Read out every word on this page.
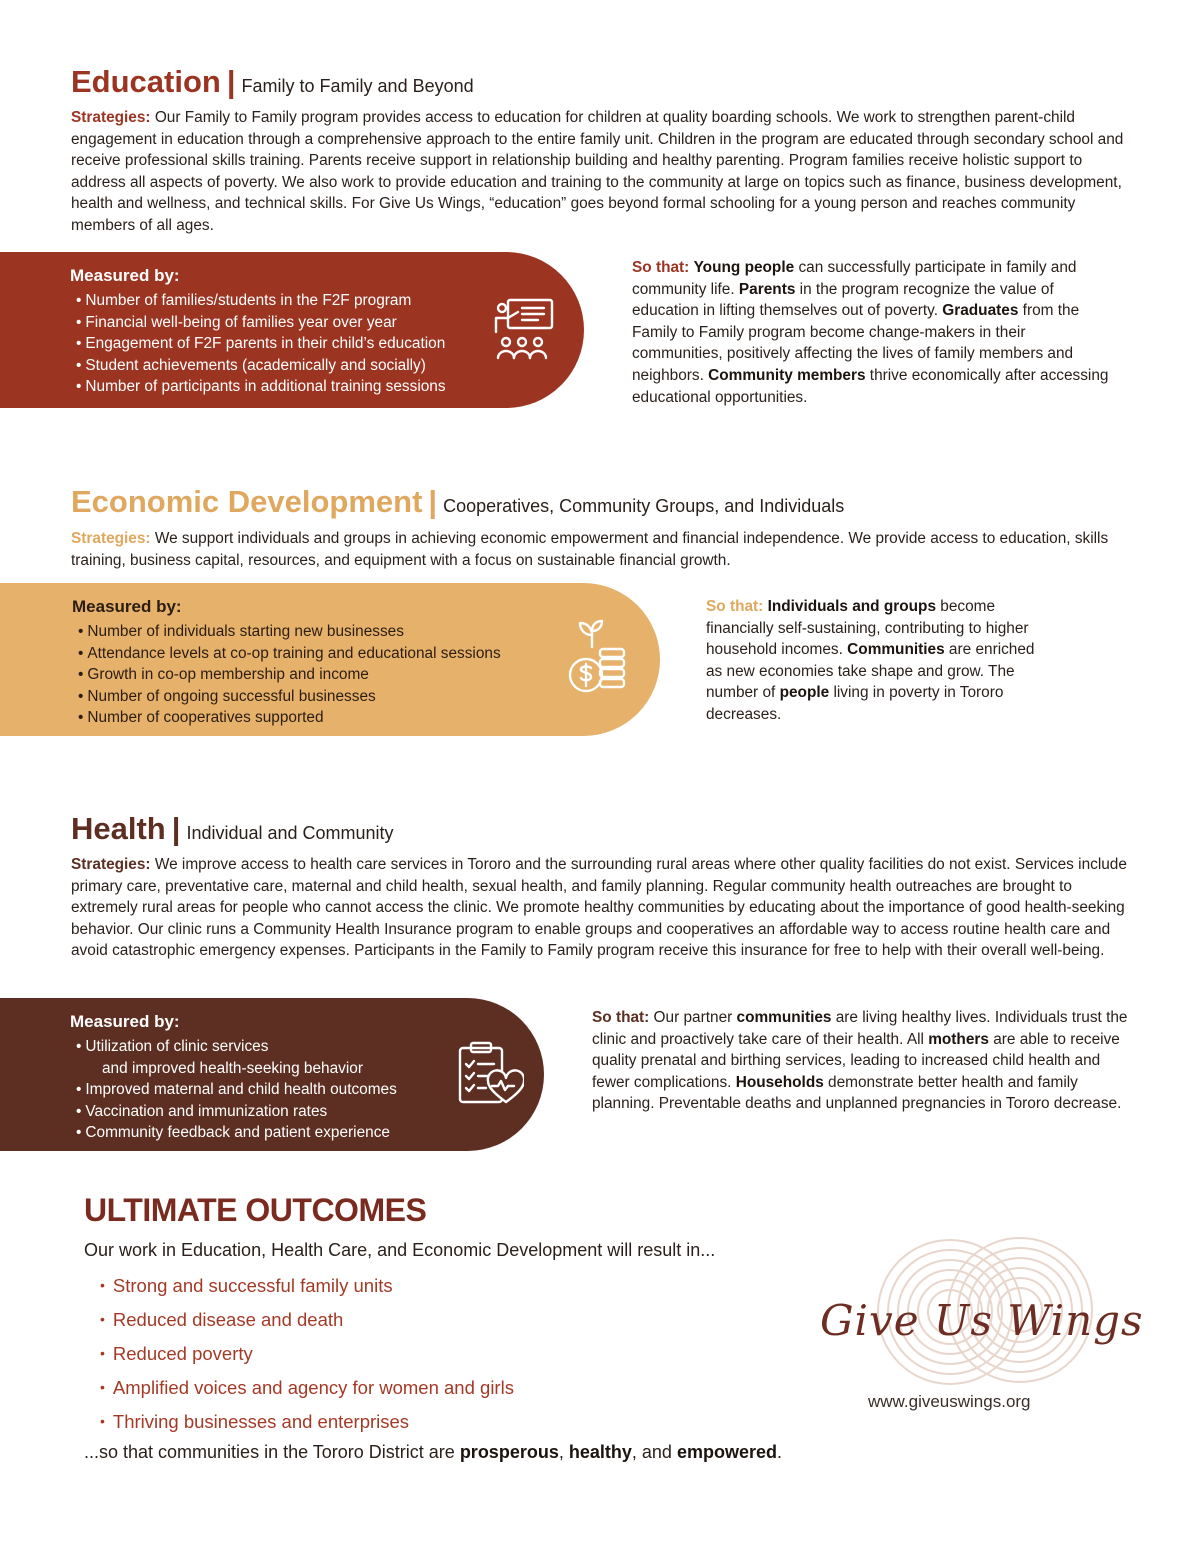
Education | Family to Family and Beyond
Strategies: Our Family to Family program provides access to education for children at quality boarding schools. We work to strengthen parent-child engagement in education through a comprehensive approach to the entire family unit. Children in the program are educated through secondary school and receive professional skills training. Parents receive support in relationship building and healthy parenting. Program families receive holistic support to address all aspects of poverty. We also work to provide education and training to the community at large on topics such as finance, business development, health and wellness, and technical skills. For Give Us Wings, “education” goes beyond formal schooling for a young person and reaches community members of all ages.
Measured by:
• Number of families/students in the F2F program
• Financial well-being of families year over year
• Engagement of F2F parents in their child’s education
• Student achievements (academically and socially)
• Number of participants in additional training sessions
So that: Young people can successfully participate in family and community life. Parents in the program recognize the value of education in lifting themselves out of poverty. Graduates from the Family to Family program become change-makers in their communities, positively affecting the lives of family members and neighbors. Community members thrive economically after accessing educational opportunities.
Economic Development | Cooperatives, Community Groups, and Individuals
Strategies: We support individuals and groups in achieving economic empowerment and financial independence. We provide access to education, skills training, business capital, resources, and equipment with a focus on sustainable financial growth.
Measured by:
• Number of individuals starting new businesses
• Attendance levels at co-op training and educational sessions
• Growth in co-op membership and income
• Number of ongoing successful businesses
• Number of cooperatives supported
So that: Individuals and groups become financially self-sustaining, contributing to higher household incomes. Communities are enriched as new economies take shape and grow. The number of people living in poverty in Tororo decreases.
Health | Individual and Community
Strategies: We improve access to health care services in Tororo and the surrounding rural areas where other quality facilities do not exist. Services include primary care, preventative care, maternal and child health, sexual health, and family planning. Regular community health outreaches are brought to extremely rural areas for people who cannot access the clinic. We promote healthy communities by educating about the importance of good health-seeking behavior. Our clinic runs a Community Health Insurance program to enable groups and cooperatives an affordable way to access routine health care and avoid catastrophic emergency expenses. Participants in the Family to Family program receive this insurance for free to help with their overall well-being.
Measured by:
• Utilization of clinic services
and improved health-seeking behavior
• Improved maternal and child health outcomes
• Vaccination and immunization rates
• Community feedback and patient experience
So that: Our partner communities are living healthy lives. Individuals trust the clinic and proactively take care of their health. All mothers are able to receive quality prenatal and birthing services, leading to increased child health and fewer complications. Households demonstrate better health and family planning. Preventable deaths and unplanned pregnancies in Tororo decrease.
ULTIMATE OUTCOMES
Our work in Education, Health Care, and Economic Development will result in...
• Strong and successful family units
• Reduced disease and death
• Reduced poverty
• Amplified voices and agency for women and girls
• Thriving businesses and enterprises
...so that communities in the Tororo District are prosperous, healthy, and empowered.
Give Us Wings
www.giveuswings.org
